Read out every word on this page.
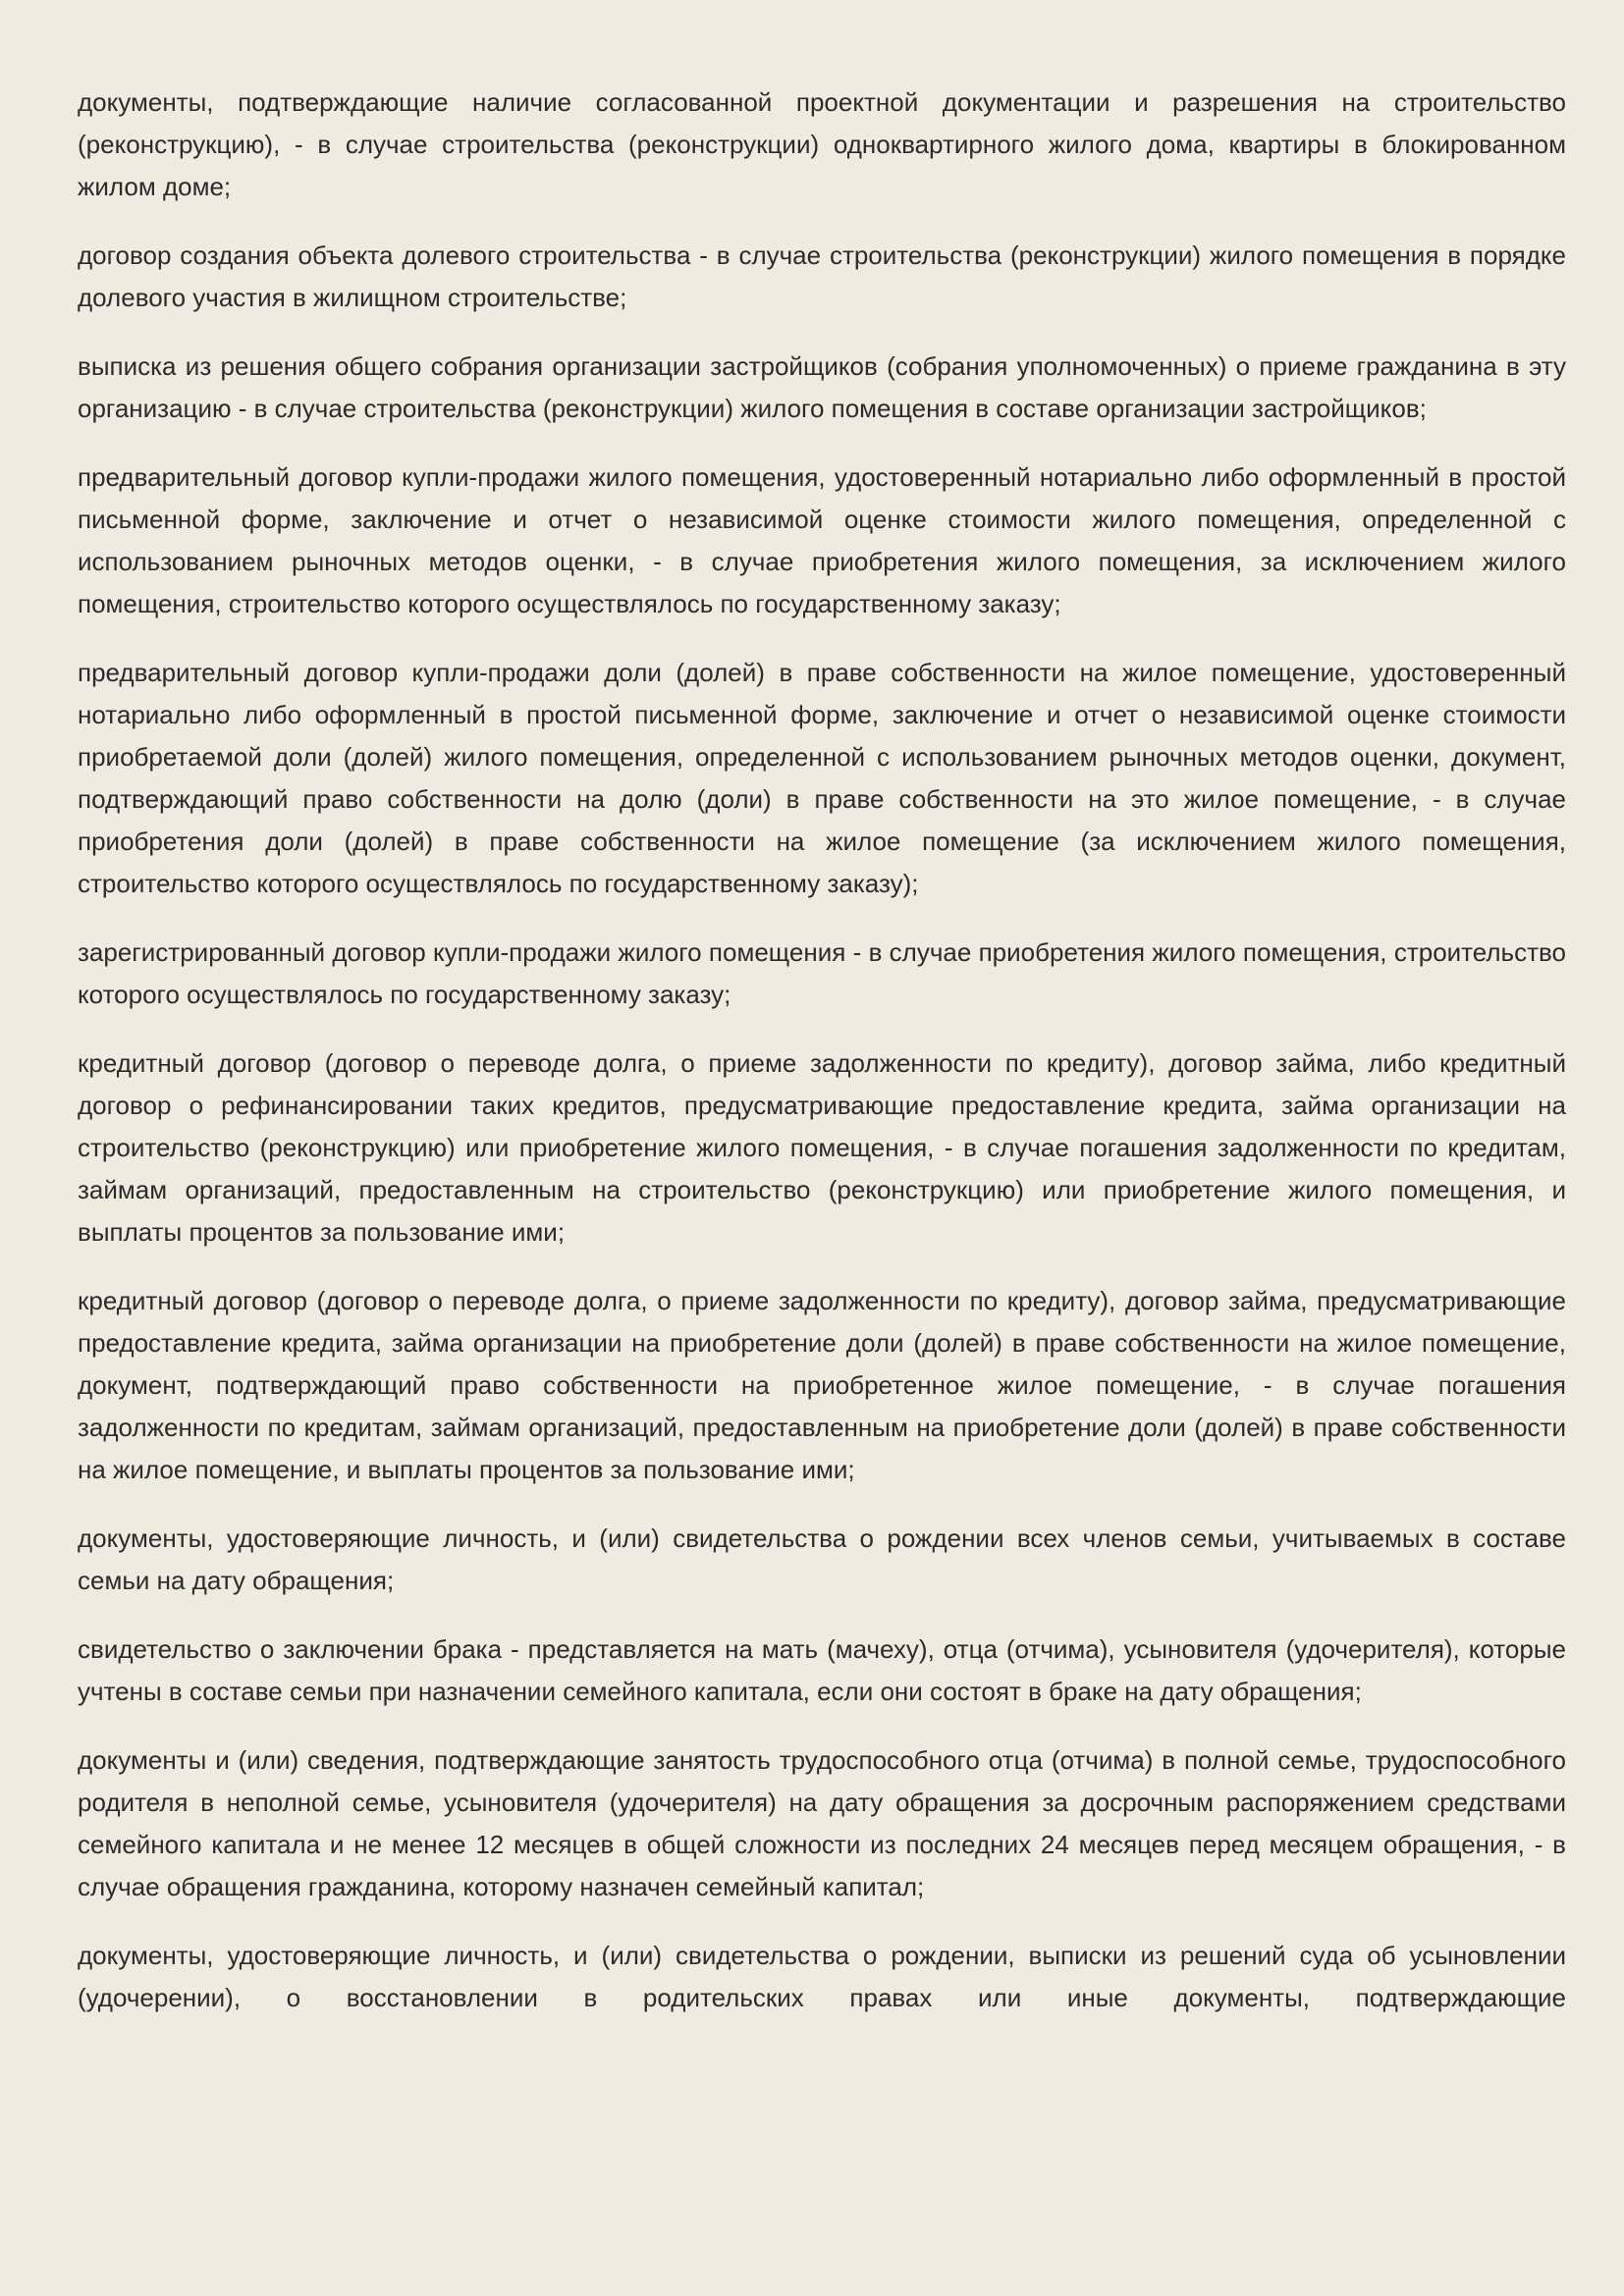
документы, подтверждающие наличие согласованной проектной документации и разрешения на строительство (реконструкцию), - в случае строительства (реконструкции) одноквартирного жилого дома, квартиры в блокированном жилом доме;

договор создания объекта долевого строительства - в случае строительства (реконструкции) жилого помещения в порядке долевого участия в жилищном строительстве;

выписка из решения общего собрания организации застройщиков (собрания уполномоченных) о приеме гражданина в эту организацию - в случае строительства (реконструкции) жилого помещения в составе организации застройщиков;

предварительный договор купли-продажи жилого помещения, удостоверенный нотариально либо оформленный в простой письменной форме, заключение и отчет о независимой оценке стоимости жилого помещения, определенной с использованием рыночных методов оценки, - в случае приобретения жилого помещения, за исключением жилого помещения, строительство которого осуществлялось по государственному заказу;

предварительный договор купли-продажи доли (долей) в праве собственности на жилое помещение, удостоверенный нотариально либо оформленный в простой письменной форме, заключение и отчет о независимой оценке стоимости приобретаемой доли (долей) жилого помещения, определенной с использованием рыночных методов оценки, документ, подтверждающий право собственности на долю (доли) в праве собственности на это жилое помещение, - в случае приобретения доли (долей) в праве собственности на жилое помещение (за исключением жилого помещения, строительство которого осуществлялось по государственному заказу);

зарегистрированный договор купли-продажи жилого помещения - в случае приобретения жилого помещения, строительство которого осуществлялось по государственному заказу;

кредитный договор (договор о переводе долга, о приеме задолженности по кредиту), договор займа, либо кредитный договор о рефинансировании таких кредитов, предусматривающие предоставление кредита, займа организации на строительство (реконструкцию) или приобретение жилого помещения, - в случае погашения задолженности по кредитам, займам организаций, предоставленным на строительство (реконструкцию) или приобретение жилого помещения, и выплаты процентов за пользование ими;

кредитный договор (договор о переводе долга, о приеме задолженности по кредиту), договор займа, предусматривающие предоставление кредита, займа организации на приобретение доли (долей) в праве собственности на жилое помещение, документ, подтверждающий право собственности на приобретенное жилое помещение, - в случае погашения задолженности по кредитам, займам организаций, предоставленным на приобретение доли (долей) в праве собственности на жилое помещение, и выплаты процентов за пользование ими;

документы, удостоверяющие личность, и (или) свидетельства о рождении всех членов семьи, учитываемых в составе семьи на дату обращения;

свидетельство о заключении брака - представляется на мать (мачеху), отца (отчима), усыновителя (удочерителя), которые учтены в составе семьи при назначении семейного капитала, если они состоят в браке на дату обращения;

документы и (или) сведения, подтверждающие занятость трудоспособного отца (отчима) в полной семье, трудоспособного родителя в неполной семье, усыновителя (удочерителя) на дату обращения за досрочным распоряжением средствами семейного капитала и не менее 12 месяцев в общей сложности из последних 24 месяцев перед месяцем обращения, - в случае обращения гражданина, которому назначен семейный капитал;

документы, удостоверяющие личность, и (или) свидетельства о рождении, выписки из решений суда об усыновлении (удочерении), о восстановлении в родительских правах или иные документы, подтверждающие
